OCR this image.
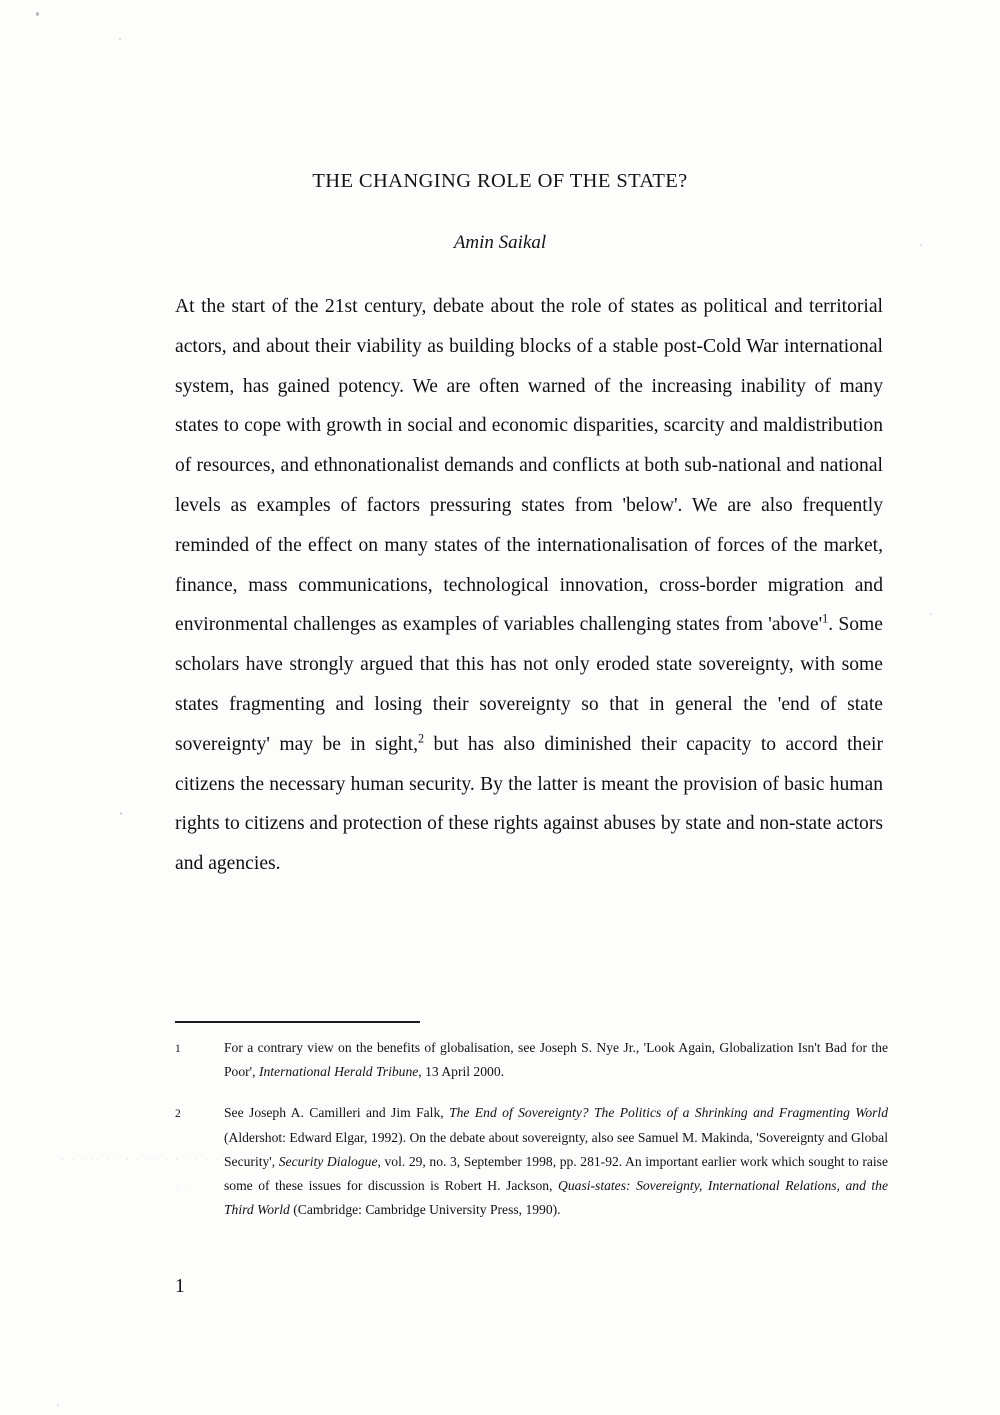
. . . .. . . . . . . . . . . . .
. .
THE CHANGING ROLE OF THE STATE?
Amin Saikal

At the start of the 21st century, debate about the role of states as political and territorial actors, and about their viability as building blocks of a stable post-Cold War international system, has gained potency. We are often warned of the increasing inability of many states to cope with growth in social and economic disparities, scarcity and maldistribution of resources, and ethnonationalist demands and conflicts at both sub-national and national levels as examples of factors pressuring states from 'below'. We are also frequently reminded of the effect on many states of the internationalisation of forces of the market, finance, mass communications, technological innovation, cross-border migration and environmental challenges as examples of variables challenging states from '$above'^1$. Some scholars have strongly argued that this has not only eroded state sovereignty, with some states fragmenting and losing their sovereignty so that in general the 'end of state sovereignty' may be in sight,$^2$ but has also diminished their capacity to accord their citizens the necessary human security. By the latter is meant the provision of basic human rights to citizens and protection of these rights against abuses by state and non-state actors and agencies.

1	For a contrary view on the benefits of globalisation, see Joseph S. Nye Jr., 'Look Again, Globalization Isn't Bad for the Poor', International Herald Tribune, 13 April 2000.
2	See Joseph A. Camilleri and Jim Falk, The End of Sovereignty? The Politics of a Shrinking and Fragmenting World (Aldershot: Edward Elgar, 1992). On the debate about sovereignty, also see Samuel M. Makinda, 'Sovereignty and Global Security', Security Dialogue, vol. 29, no. 3, September 1998, pp. 281-92. An important earlier work which sought to raise some of these issues for discussion is Robert H. Jackson, Quasi-states: Sovereignty, International Relations, and the Third World (Cambridge: Cambridge University Press, 1990).
1
